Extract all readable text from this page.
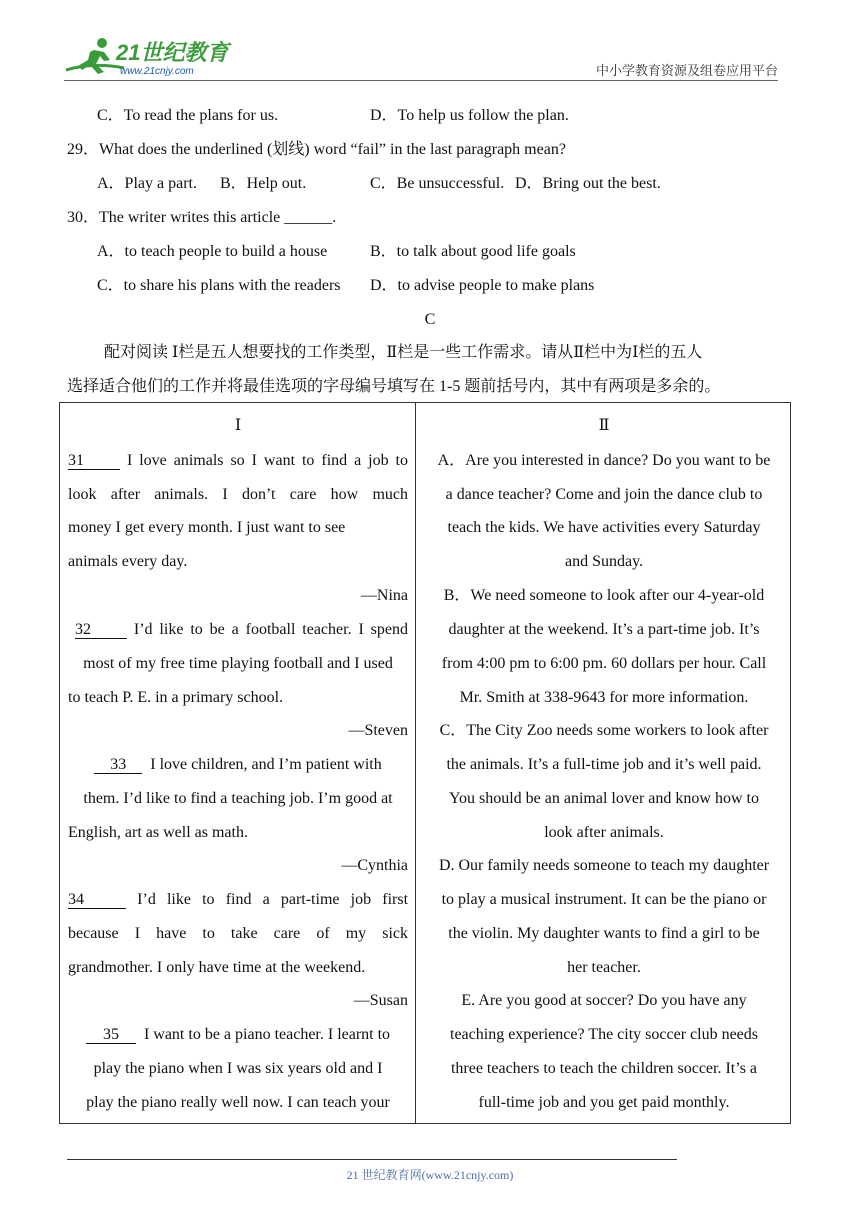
21世纪教育
www.21cnjy.com	中小学教育资源及组卷应用平台
C．To read the plans for us.	D．To help us follow the plan.
29．What does the underlined (划线) word “fail” in the last paragraph mean?
A．Play a part. B．Help out.	C．Be unsuccessful. D．Bring out the best.
30．The writer writes this article ______.
A．to teach people to build a house	B．to talk about good life goals
C．to share his plans with the readers D．to advise people to make plans
C
配对阅读 Ⅰ栏是五人想要找的工作类型，Ⅱ栏是一些工作需求。请从Ⅱ栏中为Ⅰ栏的五人
选择适合他们的工作并将最佳选项的字母编号填写在 1-5 题前括号内，其中有两项是多余的。
Ⅰ	Ⅱ
31	I love animals so I want to find a job to
look after animals. I don’t care how much
money I get every month. I just want to see
animals every day.
—Nina
32	I’d like to be a football teacher. I spend
most of my free time playing football and I used
to teach P. E. in a primary school.
—Steven
33 I love children, and I’m patient with
them. I’d like to find a teaching job. I’m good at
English, art as well as math.
—Cynthia
34	I’d like to find a part-time job first
because I have to take care of my sick
grandmother. I only have time at the weekend.
—Susan
35 I want to be a piano teacher. I learnt to
play the piano when I was six years old and I
play the piano really well now. I can teach your
A．Are you interested in dance? Do you want to be
a dance teacher? Come and join the dance club to
teach the kids. We have activities every Saturday
and Sunday.
B．We need someone to look after our 4-year-old
daughter at the weekend. It’s a part-time job. It’s
from 4:00 pm to 6:00 pm. 60 dollars per hour. Call
Mr. Smith at 338-9643 for more information.
C．The City Zoo needs some workers to look after
the animals. It’s a full-time job and it’s well paid.
You should be an animal lover and know how to
look after animals.
D. Our family needs someone to teach my daughter
to play a musical instrument. It can be the piano or
the violin. My daughter wants to find a girl to be
her teacher.
E. Are you good at soccer? Do you have any
teaching experience? The city soccer club needs
three teachers to teach the children soccer. It’s a
full-time job and you get paid monthly.
21 世纪教育网(www.21cnjy.com)
